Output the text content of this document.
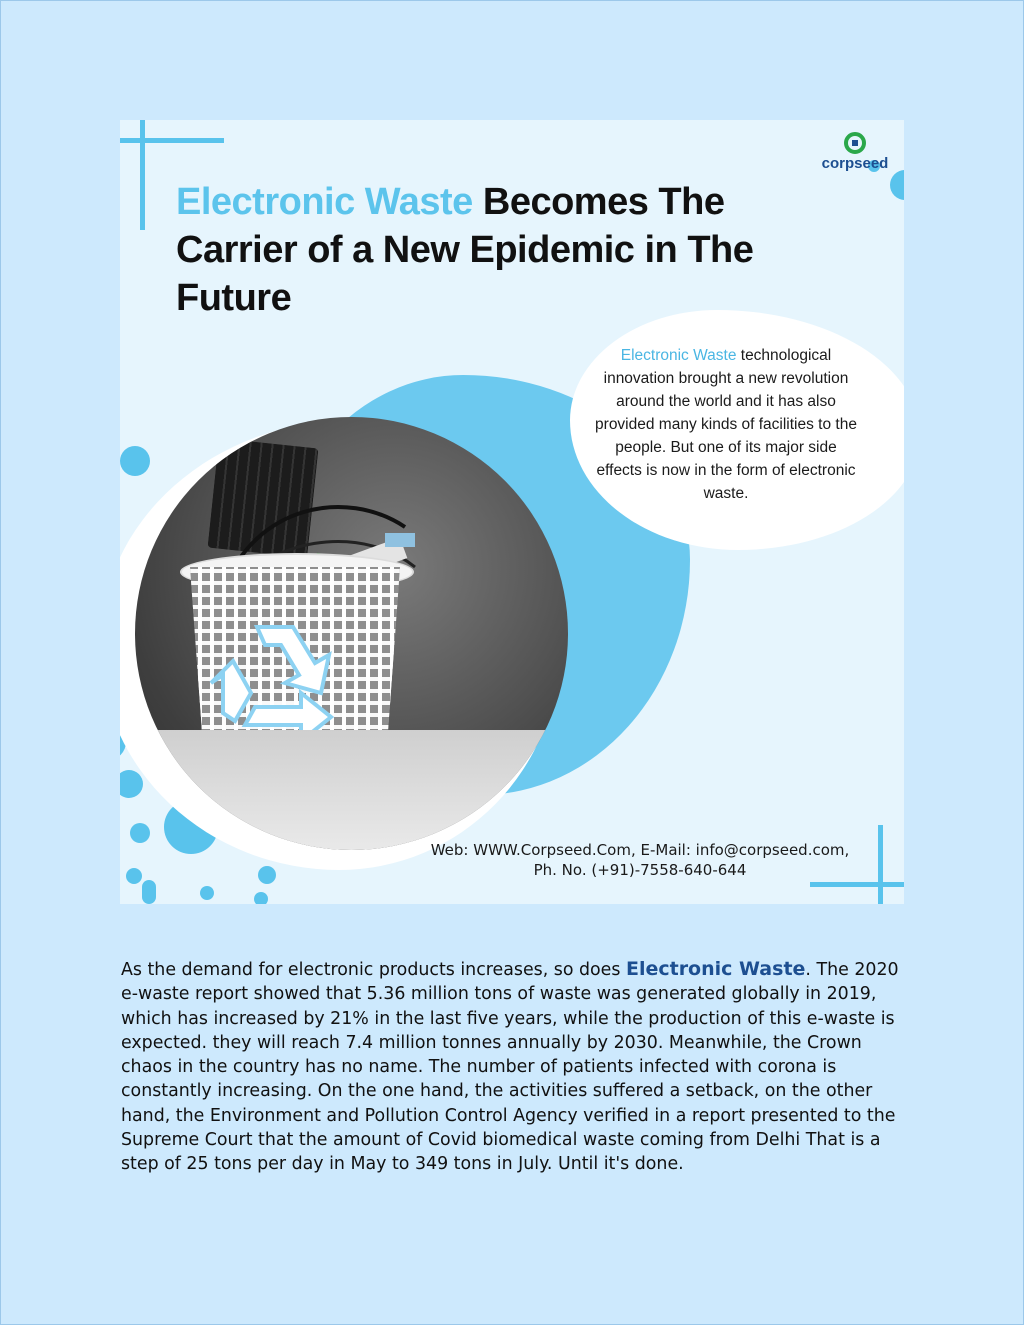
Electronic Waste technological innovation brought a new revolution around the world and it has also provided many kinds of facilities to the people. But one of its major side effects is now in the form of electronic waste.
Electronic Waste Becomes The Carrier of a New Epidemic in The Future
corpseed
Web: WWW.Corpseed.Com, E-Mail: info@corpseed.com,
Ph. No. (+91)-7558-640-644
As the demand for electronic products increases, so does Electronic Waste. The 2020 e-waste report showed that 5.36 million tons of waste was generated globally in 2019, which has increased by 21% in the last five years, while the production of this e-waste is expected. they will reach 7.4 million tonnes annually by 2030. Meanwhile, the Crown chaos in the country has no name. The number of patients infected with corona is constantly increasing. On the one hand, the activities suffered a setback, on the other hand, the Environment and Pollution Control Agency verified in a report presented to the Supreme Court that the amount of Covid biomedical waste coming from Delhi That is a step of 25 tons per day in May to 349 tons in July. Until it's done.
